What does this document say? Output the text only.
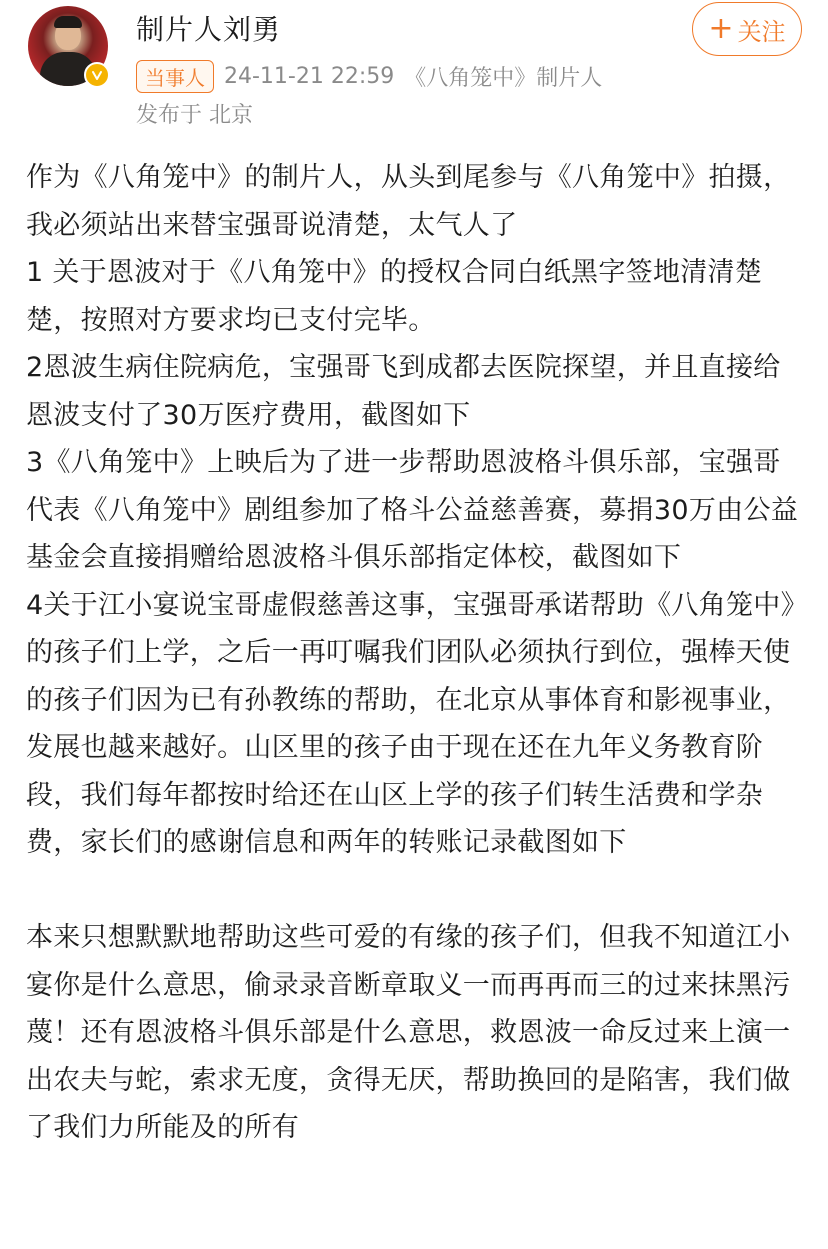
制片人刘勇
当事人 24-11-21 22:59 《八角笼中》制片人
发布于 北京
+ 关注

作为《八角笼中》的制片人，从头到尾参与《八角笼中》拍摄，我必须站出来替宝强哥说清楚，太气人了

1 关于恩波对于《八角笼中》的授权合同白纸黑字签地清清楚楚，按照对方要求均已支付完毕。

2恩波生病住院病危，宝强哥飞到成都去医院探望，并且直接给恩波支付了30万医疗费用，截图如下

3《八角笼中》上映后为了进一步帮助恩波格斗俱乐部，宝强哥代表《八角笼中》剧组参加了格斗公益慈善赛，募捐30万由公益基金会直接捐赠给恩波格斗俱乐部指定体校，截图如下

4关于江小宴说宝哥虚假慈善这事，宝强哥承诺帮助《八角笼中》的孩子们上学，之后一再叮嘱我们团队必须执行到位，强棒天使的孩子们因为已有孙教练的帮助，在北京从事体育和影视事业，发展也越来越好。山区里的孩子由于现在还在九年义务教育阶段，我们每年都按时给还在山区上学的孩子们转生活费和学杂费，家长们的感谢信息和两年的转账记录截图如下

本来只想默默地帮助这些可爱的有缘的孩子们，但我不知道江小宴你是什么意思，偷录录音断章取义一而再再而三的过来抹黑污蔑！还有恩波格斗俱乐部是什么意思，救恩波一命反过来上演一出农夫与蛇，索求无度，贪得无厌，帮助换回的是陷害，我们做了我们力所能及的所有
